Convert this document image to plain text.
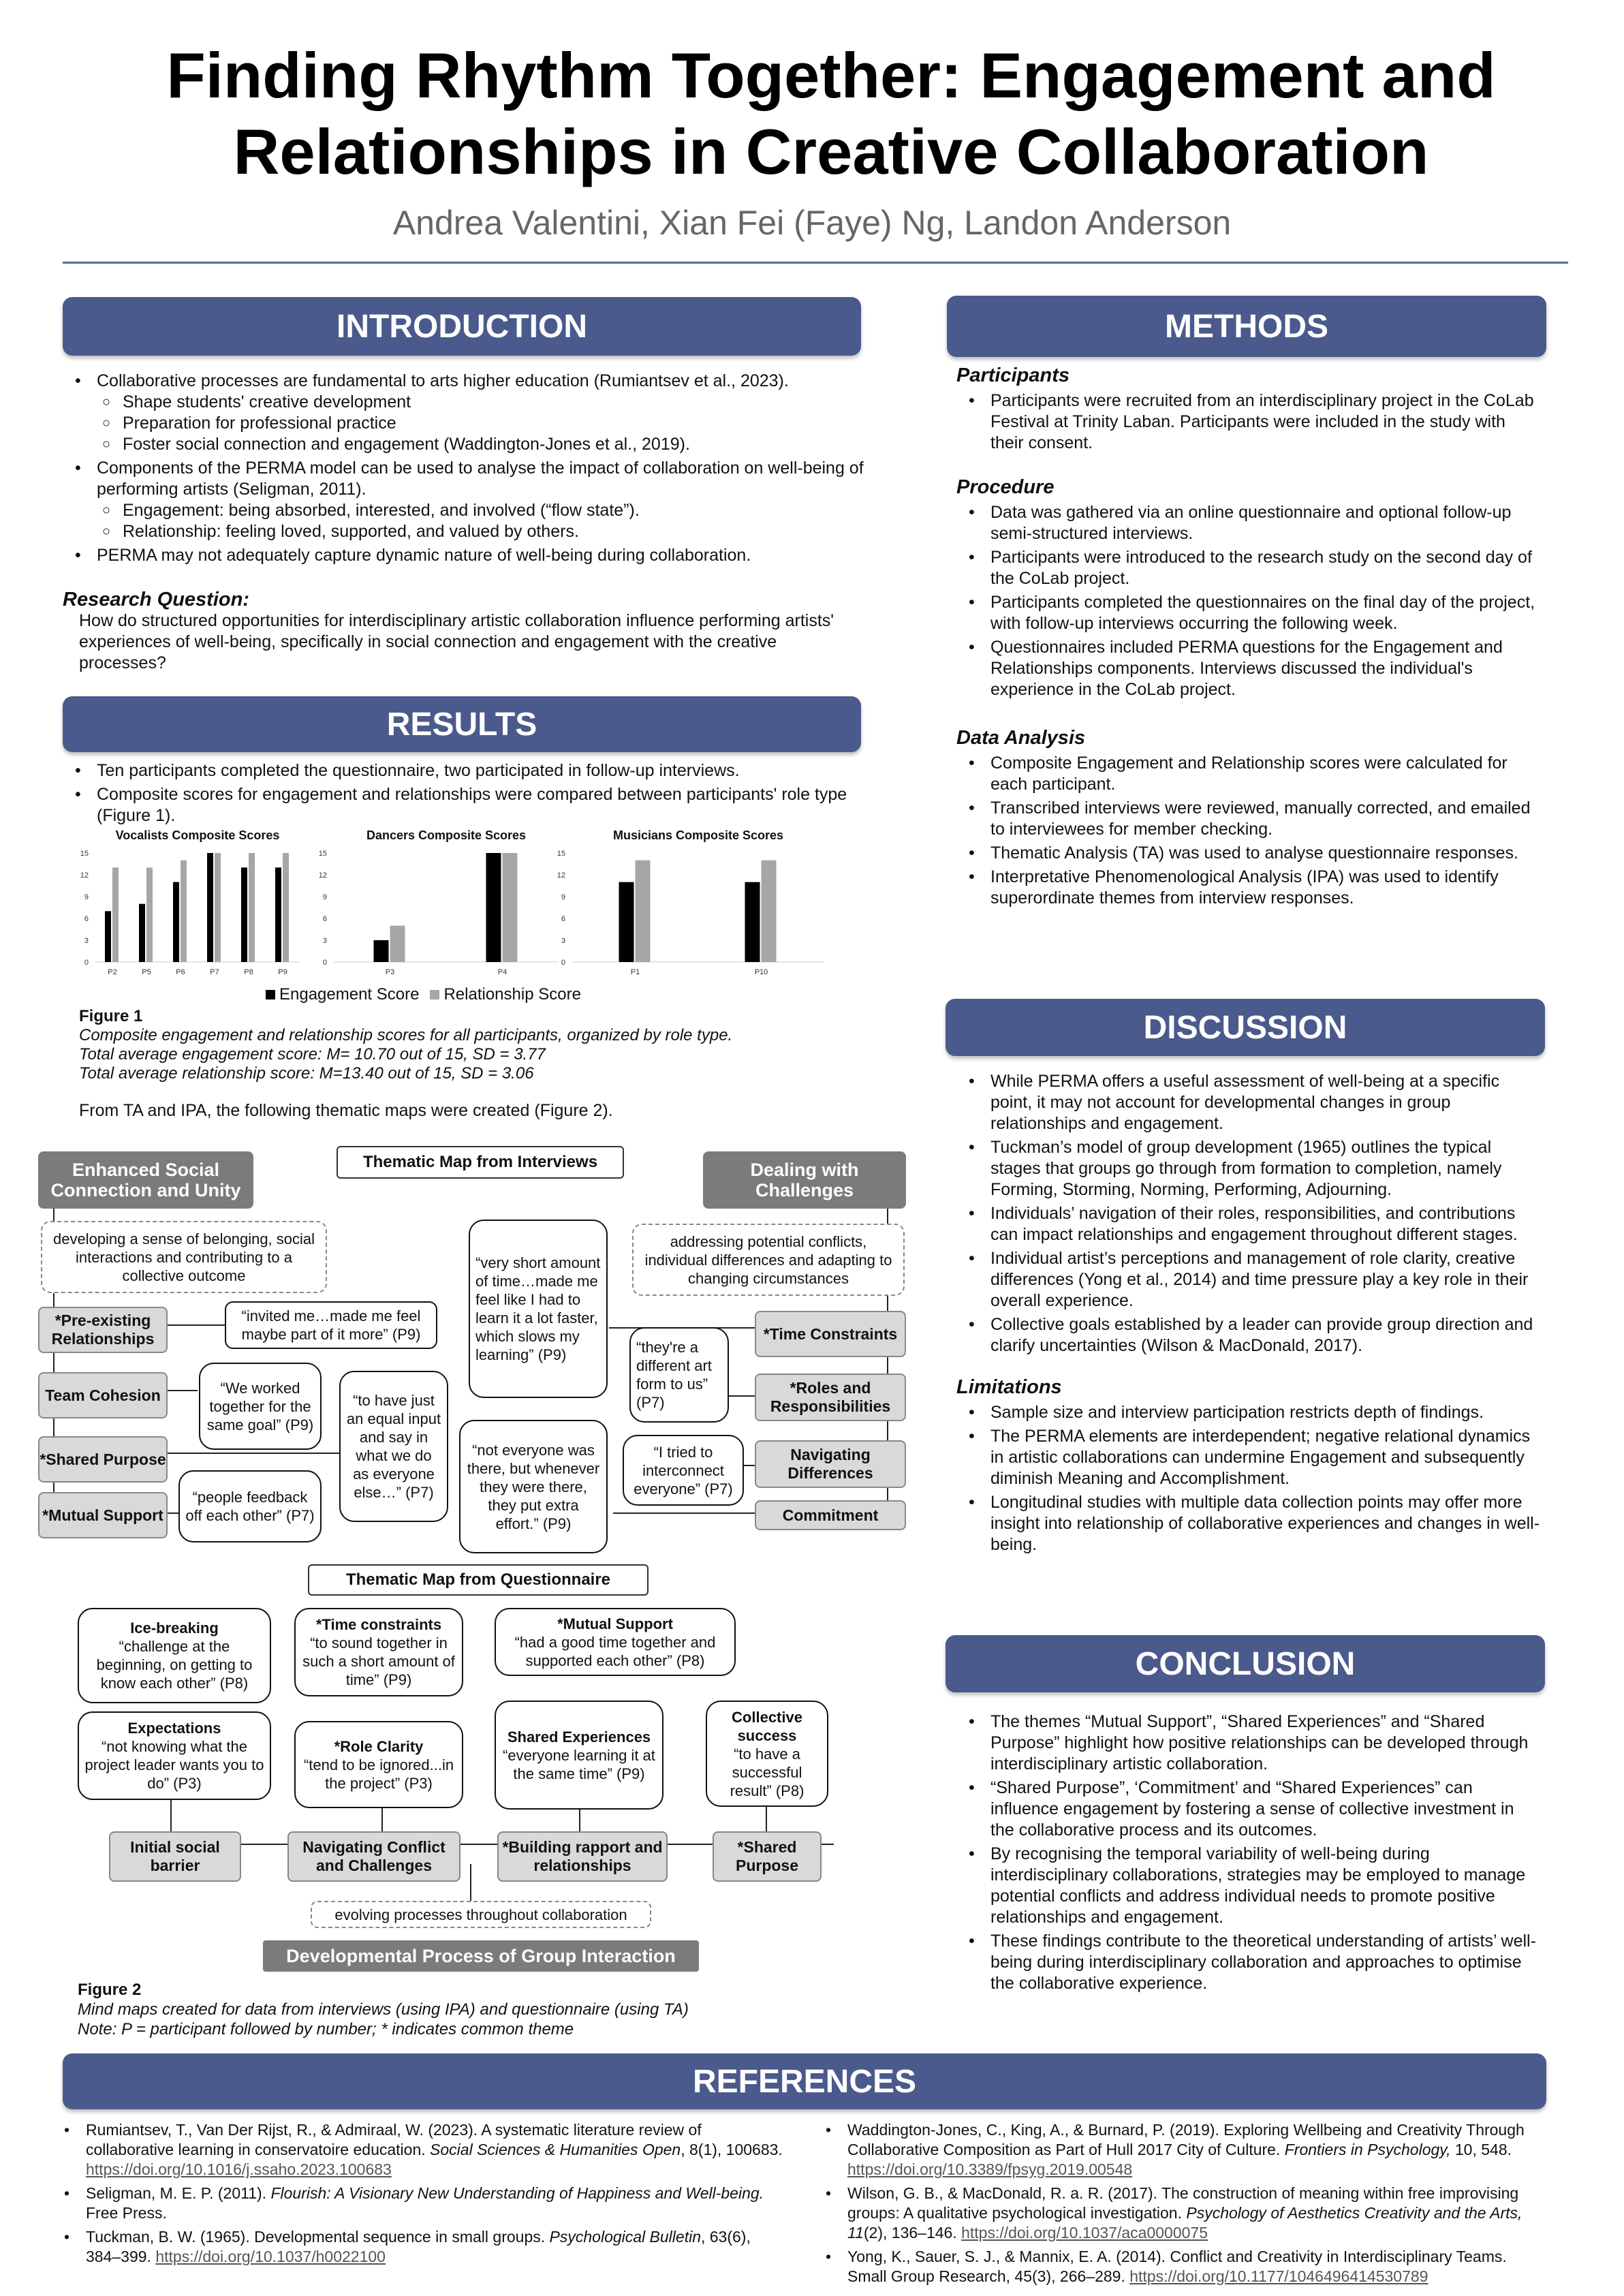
Finding Rhythm Together: Engagement and
Relationships in Creative Collaboration
Andrea Valentini, Xian Fei (Faye) Ng, Landon Anderson
INTRODUCTION
• Collaborative processes are fundamental to arts higher education (Rumiantsev et al., 2023).
○ Shape students' creative development
○ Preparation for professional practice
○ Foster social connection and engagement (Waddington-Jones et al., 2019).
• Components of the PERMA model can be used to analyse the impact of collaboration on well-being of performing artists (Seligman, 2011).
○ Engagement: being absorbed, interested, and involved (“flow state”).
○ Relationship: feeling loved, supported, and valued by others.
• PERMA may not adequately capture dynamic nature of well-being during collaboration.
Research Question:
How do structured opportunities for interdisciplinary artistic collaboration influence performing artists' experiences of well-being, specifically in social connection and engagement with the creative processes?
RESULTS
• Ten participants completed the questionnaire, two participated in follow-up interviews.
• Composite scores for engagement and relationships were compared between participants' role type (Figure 1).
Vocalists Composite Scores
0
3
6
9
12
15
P2	P5	P6	P7	P8	P9
Dancers Composite Scores
0
3
6
9
12
15
P3	P4
Musicians Composite Scores
0
3
6
9
12
15
P1	P10
Engagement Score Relationship Score
Figure 1
Composite engagement and relationship scores for all participants, organized by role type.
Total average engagement score: M= 10.70 out of 15, SD = 3.77
Total average relationship score: M=13.40 out of 15, SD = 3.06
From TA and IPA, the following thematic maps were created (Figure 2).
Thematic Map from Interviews
Enhanced Social Connection and Unity
Dealing with Challenges
developing a sense of belonging, social interactions and contributing to a collective outcome
addressing potential conflicts, individual differences and adapting to changing circumstances
*Pre-existing Relationships
Team Cohesion
*Shared Purpose
*Mutual Support
“invited me…made me feel maybe part of it more” (P9)
“We worked together for the same goal” (P9)
“to have just an equal input and say in what we do as everyone else…” (P7)
“people feedback off each other” (P7)
“very short amount of time…made me feel like I had to learn it a lot faster, which slows my learning” (P9)
“not everyone was there, but whenever they were there, they put extra effort.” (P9)
“they're a different art form to us” (P7)
“I tried to interconnect everyone” (P7)
*Time Constraints
*Roles and Responsibilities
Navigating Differences
Commitment
Thematic Map from Questionnaire
Ice-breaking
“challenge at the beginning, on getting to know each other” (P8)
*Time constraints
“to sound together in such a short amount of time” (P9)
*Mutual Support
“had a good time together and supported each other” (P8)
Expectations
“not knowing what the project leader wants you to do” (P3)
*Role Clarity
“tend to be ignored...in the project” (P3)
Shared Experiences
“everyone learning it at the same time” (P9)
Collective success
“to have a successful result” (P8)
Initial social barrier
Navigating Conflict and Challenges
*Building rapport and relationships
*Shared Purpose
evolving processes throughout collaboration
Developmental Process of Group Interaction
Figure 2
Mind maps created for data from interviews (using IPA) and questionnaire (using TA)
Note: P = participant followed by number; * indicates common theme
METHODS
Participants
• Participants were recruited from an interdisciplinary project in the CoLab Festival at Trinity Laban. Participants were included in the study with their consent.
Procedure
• Data was gathered via an online questionnaire and optional follow-up semi-structured interviews.
• Participants were introduced to the research study on the second day of the CoLab project.
• Participants completed the questionnaires on the final day of the project, with follow-up interviews occurring the following week.
• Questionnaires included PERMA questions for the Engagement and Relationships components. Interviews discussed the individual's experience in the CoLab project.
Data Analysis
• Composite Engagement and Relationship scores were calculated for each participant.
• Transcribed interviews were reviewed, manually corrected, and emailed to interviewees for member checking.
• Thematic Analysis (TA) was used to analyse questionnaire responses.
• Interpretative Phenomenological Analysis (IPA) was used to identify superordinate themes from interview responses.
DISCUSSION
• While PERMA offers a useful assessment of well-being at a specific point, it may not account for developmental changes in group relationships and engagement.
• Tuckman’s model of group development (1965) outlines the typical stages that groups go through from formation to completion, namely Forming, Storming, Norming, Performing, Adjourning.
• Individuals’ navigation of their roles, responsibilities, and contributions can impact relationships and engagement throughout different stages.
• Individual artist’s perceptions and management of role clarity, creative differences (Yong et al., 2014) and time pressure play a key role in their overall experience.
• Collective goals established by a leader can provide group direction and clarify uncertainties (Wilson & MacDonald, 2017).
Limitations
• Sample size and interview participation restricts depth of findings.
• The PERMA elements are interdependent; negative relational dynamics in artistic collaborations can undermine Engagement and subsequently diminish Meaning and Accomplishment.
• Longitudinal studies with multiple data collection points may offer more insight into relationship of collaborative experiences and changes in well-being.
CONCLUSION
• The themes “Mutual Support”, “Shared Experiences” and “Shared Purpose” highlight how positive relationships can be developed through interdisciplinary artistic collaboration.
• “Shared Purpose”, ‘Commitment’ and “Shared Experiences” can influence engagement by fostering a sense of collective investment in the collaborative process and its outcomes.
• By recognising the temporal variability of well-being during interdisciplinary collaborations, strategies may be employed to manage potential conflicts and address individual needs to promote positive relationships and engagement.
• These findings contribute to the theoretical understanding of artists’ well-being during interdisciplinary collaboration and approaches to optimise the collaborative experience.
REFERENCES
• Rumiantsev, T., Van Der Rijst, R., & Admiraal, W. (2023). A systematic literature review of collaborative learning in conservatoire education. Social Sciences & Humanities Open, 8(1), 100683. https://doi.org/10.1016/j.ssaho.2023.100683
• Seligman, M. E. P. (2011). Flourish: A Visionary New Understanding of Happiness and Well-being. Free Press.
• Tuckman, B. W. (1965). Developmental sequence in small groups. Psychological Bulletin, 63(6), 384–399. https://doi.org/10.1037/h0022100
• Waddington-Jones, C., King, A., & Burnard, P. (2019). Exploring Wellbeing and Creativity Through Collaborative Composition as Part of Hull 2017 City of Culture. Frontiers in Psychology, 10, 548. https://doi.org/10.3389/fpsyg.2019.00548
• Wilson, G. B., & MacDonald, R. a. R. (2017). The construction of meaning within free improvising groups: A qualitative psychological investigation. Psychology of Aesthetics Creativity and the Arts, 11(2), 136–146. https://doi.org/10.1037/aca0000075
• Yong, K., Sauer, S. J., & Mannix, E. A. (2014). Conflict and Creativity in Interdisciplinary Teams. Small Group Research, 45(3), 266–289. https://doi.org/10.1177/1046496414530789
